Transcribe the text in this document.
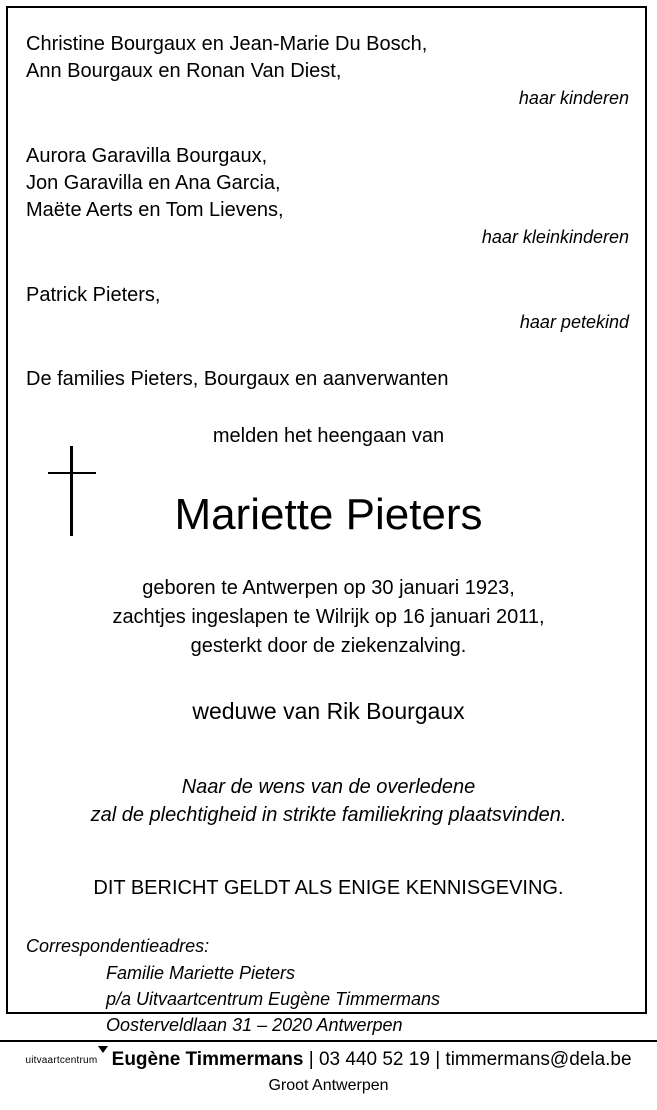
Christine Bourgaux en Jean-Marie Du Bosch,
Ann Bourgaux en Ronan Van Diest,
haar kinderen
Aurora Garavilla Bourgaux,
Jon Garavilla en Ana Garcia,
Maëte Aerts en Tom Lievens,
haar kleinkinderen
Patrick Pieters,
haar petekind
De families Pieters, Bourgaux en aanverwanten
melden het heengaan van
Mariette Pieters
geboren te Antwerpen op 30 januari 1923,
zachtjes ingeslapen te Wilrijk op 16 januari 2011,
gesterkt door de ziekenzalving.
weduwe van Rik Bourgaux
Naar de wens van de overledene
zal de plechtigheid in strikte familiekring plaatsvinden.
DIT BERICHT GELDT ALS ENIGE KENNISGEVING.
Correspondentieadres:
Familie Mariette Pieters
p/a Uitvaartcentrum Eugène Timmermans
Oosterveldlaan 31 – 2020 Antwerpen
uitvaartcentrum Eugène Timmermans | 03 440 52 19 | timmermans@dela.be
Groot Antwerpen
